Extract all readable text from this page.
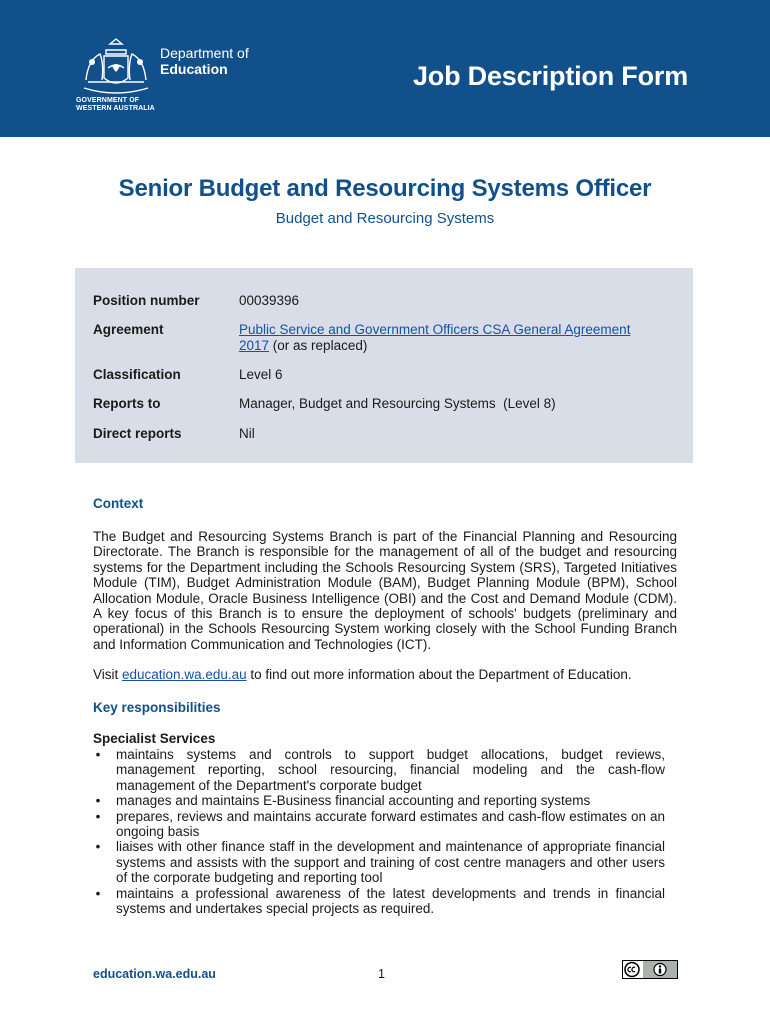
GOVERNMENT OF
WESTERN AUSTRALIA
Department of
Education	Job Description Form
Senior Budget and Resourcing Systems Officer
Budget and Resourcing Systems
Position number	00039396
Agreement	Public Service and Government Officers CSA General Agreement
2017 (or as replaced)
Classification	Level 6
Reports to	Manager, Budget and Resourcing Systems  (Level 8)
Direct reports	Nil
Context
The Budget and Resourcing Systems Branch is part of the Financial Planning and Resourcing Directorate. The Branch is responsible for the management of all of the budget and resourcing systems for the Department including the Schools Resourcing System (SRS), Targeted Initiatives Module (TIM), Budget Administration Module (BAM), Budget Planning Module (BPM), School Allocation Module, Oracle Business Intelligence (OBI) and the Cost and Demand Module (CDM). A key focus of this Branch is to ensure the deployment of schools' budgets (preliminary and operational) in the Schools Resourcing System working closely with the School Funding Branch and Information Communication and Technologies (ICT).
Visit education.wa.edu.au to find out more information about the Department of Education.
Key responsibilities
Specialist Services
• maintains systems and controls to support budget allocations, budget reviews, management reporting, school resourcing, financial modeling and the cash-flow management of the Department's corporate budget
• manages and maintains E-Business financial accounting and reporting systems
• prepares, reviews and maintains accurate forward estimates and cash-flow estimates on an ongoing basis
• liaises with other finance staff in the development and maintenance of appropriate financial systems and assists with the support and training of cost centre managers and other users of the corporate budgeting and reporting tool
• maintains a professional awareness of the latest developments and trends in financial systems and undertakes special projects as required.
education.wa.edu.au	1
